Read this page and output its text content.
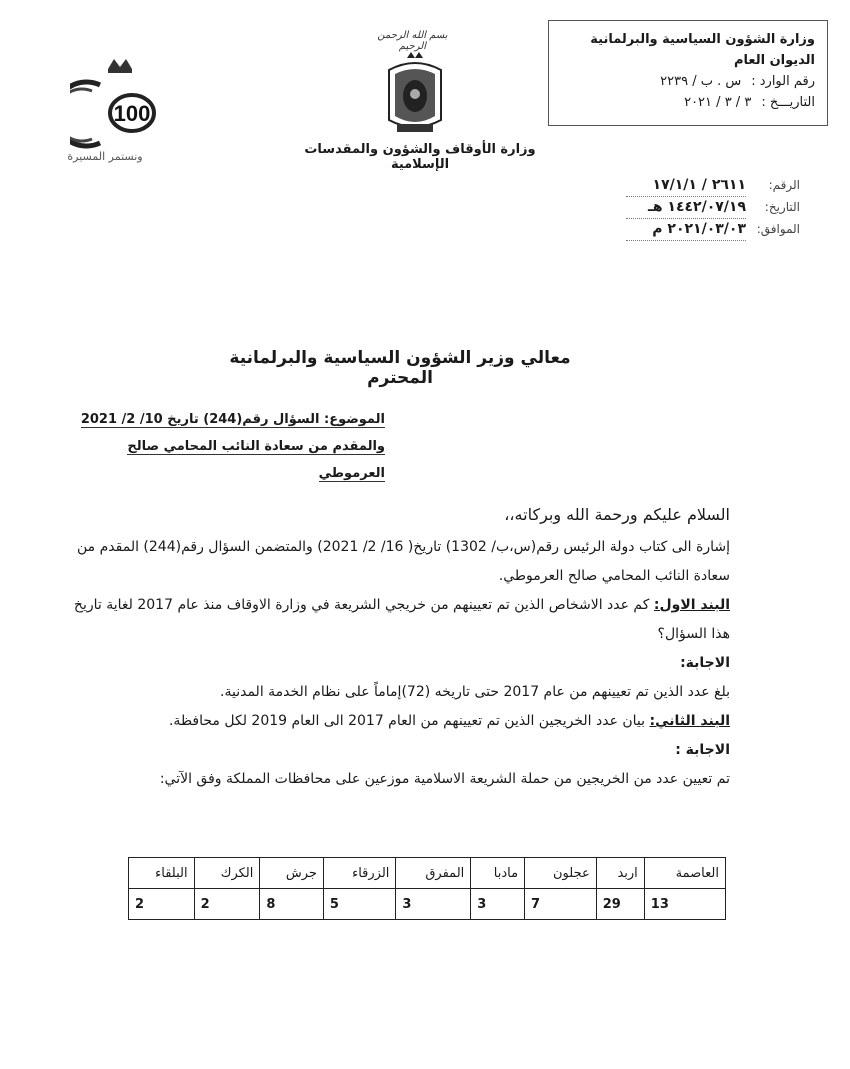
وزارة الشؤون السياسية والبرلمانية
الديوان العام
رقم الوارد :
س . ب / ٢٢٣٩
التاريـــخ :
٣ / ٣ / ٢٠٢١
100
ونستمر المسيرة
بسم الله الرحمن الرحيم
وزارة الأوقاف والشؤون والمقدسات الإسلامية
الرقم:
٢٦١١ / ١٧/١/١
التاريخ:
١٤٤٢/٠٧/١٩ هـ
الموافق:
٢٠٢١/٠٣/٠٣ م
معالي وزير الشؤون السياسية والبرلمانية المحترم
الموضوع: السؤال رقم(244) تاريخ 10/ 2/ 2021
والمقدم من سعادة النائب المحامي صالح العرموطي

السلام عليكم ورحمة الله وبركاته،،

إشارة الى كتاب دولة الرئيس رقم(س،ب/ 1302) تاريخ( 16/ 2/ 2021) والمتضمن السؤال رقم(244) المقدم من سعادة النائب المحامي صالح العرموطي.

البند الاول: كم عدد الاشخاص الذين تم تعيينهم من خريجي الشريعة في وزارة الاوقاف منذ عام 2017 لغاية تاريخ هذا السؤال؟

الاجابة:

بلغ عدد الذين تم تعيينهم من عام 2017 حتى تاريخه (72)إماماً على نظام الخدمة المدنية.

البند الثاني: بيان عدد الخريجين الذين تم تعيينهم من العام 2017 الى العام 2019 لكل محافظة.

الاجابة :

تم تعيين عدد من الخريجين من حملة الشريعة الاسلامية موزعين على محافظات المملكة وفق الآتي:

العاصمة	اربد	عجلون	مادبا	المفرق	الزرقاء	جرش	الكرك	البلقاء
13	29	7	3	3	5	8	2	2
